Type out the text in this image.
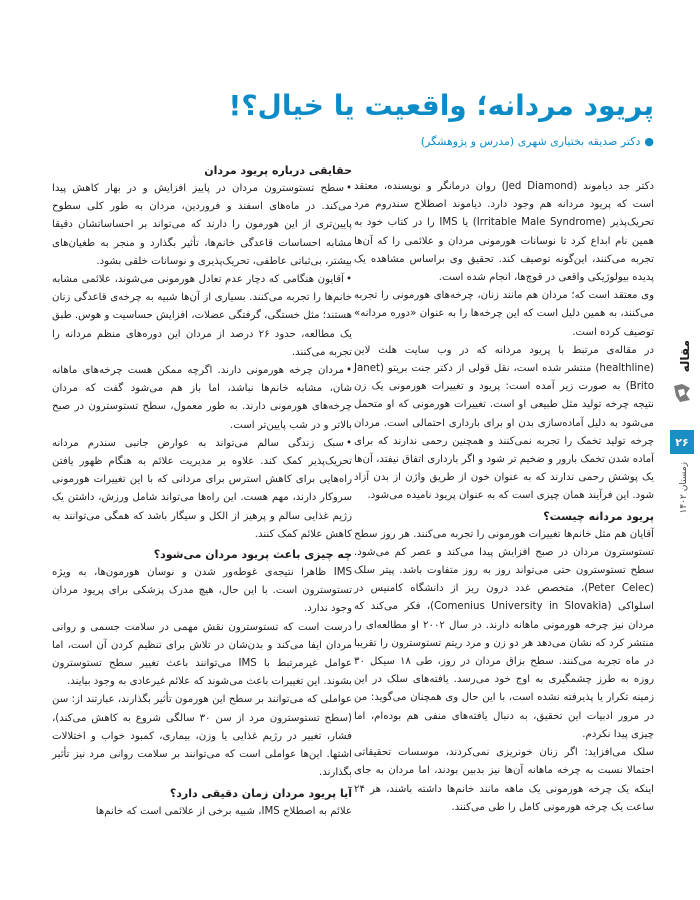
مقاله
۲۶
زمستان ۱۴۰۲
پریود مردانه؛ واقعیت یا خیال؟!
●دکتر صدیقه بختیاری شهری (مدرس و پژوهشگر)

دکتر جد دیاموند (Jed Diamond) روان درمانگر و نویسنده، معتقد است که پریود مردانه هم وجود دارد. دیاموند اصطلاح سندروم مرد تحریک‌پذیر (Irritable Male Syndrome) یا IMS را در کتاب خود به همین نام ابداع کرد تا نوسانات هورمونی مردان و علائمی را که آن‌ها تجربه می‌کنند، این‌گونه توصیف کند. تحقیق وی براساس مشاهده یک پدیده بیولوژیکی واقعی در قوچ‌ها، انجام شده است.

وی معتقد است که؛ مردان هم مانند زنان، چرخه‌های هورمونی را تجربه می‌کنند، به همین دلیل است که این چرخه‌ها را به عنوان «دوره مردانه» توصیف کرده است.

در مقاله‌ی مرتبط با پریود مردانه که در وب سایت هلث لاین (healthline) منتشر شده است، نقل قولی از دکتر جنت بریتو (Janet Brito) به صورت زیر آمده است: پریود و تغییرات هورمونی یک زن نتیجه چرخه تولید مثل طبیعی او است. تغییرات هورمونی که او متحمل می‌شود به دلیل آماده‌سازی بدن او برای بارداری احتمالی است. مردان چرخه تولید تخمک را تجربه نمی‌کنند و همچنین رحمی ندارند که برای آماده شدن تخمک بارور و ضخیم تر شود و اگر بارداری اتفاق نیفتد، آن‌ها یک پوشش رحمی ندارند که به عنوان خون از طریق واژن از بدن آزاد شود. این فرآیند همان چیزی است که به عنوان پریود نامیده می‌شود.

پریود مردانه چیست؟

آقایان هم مثل خانم‌ها تغییرات هورمونی را تجربه می‌کنند. هر روز سطح تستوسترون مردان در صبح افزایش پیدا می‌کند و عصر کم می‌شود. سطح تستوسترون حتی می‌تواند روز به روز متفاوت باشد. پیتر سلک (Peter Celec)، متخصص غدد درون ریز از دانشگاه کامنیس در اسلواکی (Comenius University in Slovakia)، فکر می‌کند که مردان نیز چرخه هورمونی ماهانه دارند. در سال ۲۰۰۲ او مطالعه‌ای را منتشر کرد که نشان می‌دهد هر دو زن و مرد ریتم تستوسترون را تقریبا در ماه تجربه می‌کنند. سطح بزاق مردان در روز، طی ۱۸ سیکل ۳۰ روزه به طرز چشمگیری به اوج خود می‌رسد. یافته‌های سلک در این زمینه تکرار یا پذیرفته نشده است، با این حال وی همچنان می‌گوید: من در مرور ادبیات این تحقیق، به دنبال یافته‌های منفی هم بوده‌ام، اما چیزی پیدا نکردم.

سلک می‌افزاید: اگر زنان خونریزی نمی‌کردند، موسسات تحقیقاتی احتمالا نسبت به چرخه ماهانه آن‌ها نیز بدبین بودند، اما مردان به جای اینکه یک چرخه هورمونی یک ماهه مانند خانم‌ها داشته باشند، هر ۲۴ ساعت یک چرخه هورمونی کامل را طی می‌کنند.

حقایقی درباره پریود مردان

• سطح تستوسترون مردان در پاییز افزایش و در بهار کاهش پیدا می‌کند. در ماه‌های اسفند و فروردین، مردان به طور کلی سطوح پایین‌تری از این هورمون را دارند که می‌تواند بر احساساتشان دقیقا مشابه احساسات قاعدگی خانم‌ها، تأثیر بگذارد و منجر به طغیان‌های بیشتر، بی‌ثباتی عاطفی، تحریک‌پذیری و نوسانات خلقی بشود.

• آقایون هنگامی که دچار عدم تعادل هورمونی می‌شوند، علائمی مشابه خانم‌ها را تجربه می‌کنند. بسیاری از آن‌ها شبیه به چرخه‌ی قاعدگی زنان هستند؛ مثل خستگی، گرفتگی عضلات، افزایش حساسیت و هوس. طبق یک مطالعه، حدود ۲۶ درصد از مردان این دوره‌های منظم مردانه را تجربه می‌کنند.

• مردان چرخه هورمونی دارند. اگرچه ممکن هست چرخه‌های ماهانه شان، مشابه خانم‌ها نباشد، اما باز هم می‌شود گفت که مردان چرخه‌های هورمونی دارند. به طور معمول، سطح تستوسترون در صبح بالاتر و در شب پایین‌تر است.

• سبک زندگی سالم می‌تواند به عوارض جانبی سندرم مردانه تحریک‌پذیر کمک کند. علاوه بر مدیریت علائم به هنگام ظهور یافتن راه‌هایی برای کاهش استرس برای مردانی که با این تغییرات هورمونی سروکار دارند، مهم هست. این راه‌ها می‌تواند شامل ورزش، داشتن یک رژیم غذایی سالم و پرهیز از الکل و سیگار باشد که همگی می‌توانند به کاهش علائم کمک کنند.

چه چیزی باعث پریود مردان می‌شود؟

IMS ظاهرا نتیجه‌ی غوطه‌ور شدن و نوسان هورمون‌ها، به ویژه تستوسترون است. با این حال، هیچ مدرک پزشکی برای پریود مردان وجود ندارد.

درست است که تستوسترون نقش مهمی در سلامت جسمی و روانی مردان ایفا می‌کند و بدن‌شان در تلاش برای تنظیم کردن آن است، اما عوامل غیرمرتبط با IMS می‌توانند باعث تغییر سطح تستوسترون بشوند. این تغییرات باعث می‌شوند که علائم غیرعادی به وجود بیایند.

عواملی که می‌توانند بر سطح این هورمون تأثیر بگذارند، عبارتند از: سن (سطح تستوسترون مرد از سن ۳۰ سالگی شروع به کاهش می‌کند)، فشار، تغییر در رژیم غذایی یا وزن، بیماری، کمبود خواب و اختلالات اشتها. این‌ها عواملی است که می‌توانند بر سلامت روانی مرد نیز تأثیر بگذارند.

آیا پریود مردان زمان دقیقی دارد؟

علائم به اصطلاح IMS، شبیه برخی از علائمی است که خانم‌ها
